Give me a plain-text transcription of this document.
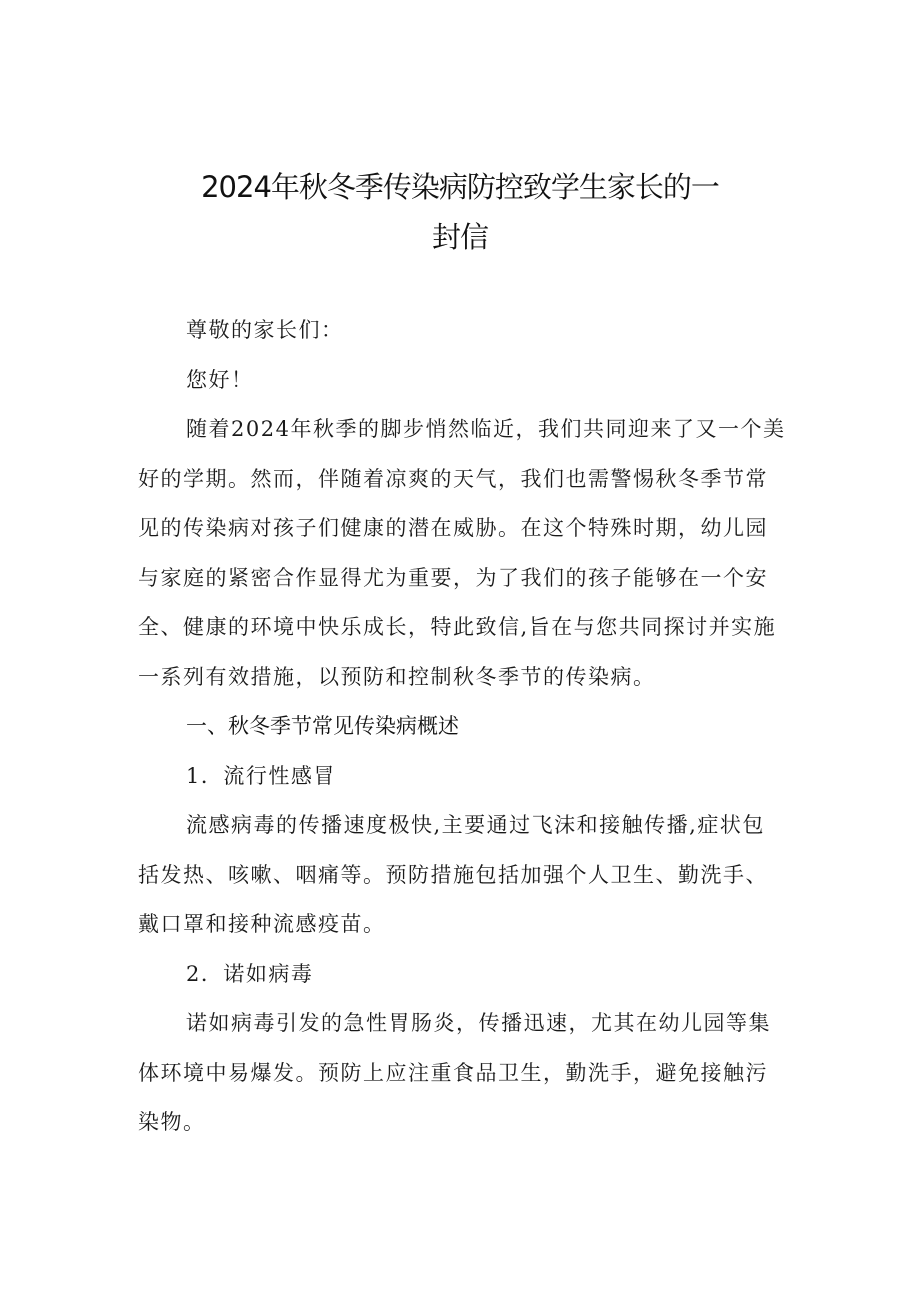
2024年秋冬季传染病防控致学生家长的一
封信

尊敬的家长们：

您好！

随着2024年秋季的脚步悄然临近，我们共同迎来了又一个美
好的学期。然而，伴随着凉爽的天气，我们也需警惕秋冬季节常
见的传染病对孩子们健康的潜在威胁。在这个特殊时期，幼儿园
与家庭的紧密合作显得尤为重要，为了我们的孩子能够在一个安
全、健康的环境中快乐成长，特此致信,旨在与您共同探讨并实施
一系列有效措施，以预防和控制秋冬季节的传染病。

一、秋冬季节常见传染病概述

1．流行性感冒

流感病毒的传播速度极快,主要通过飞沫和接触传播,症状包
括发热、咳嗽、咽痛等。预防措施包括加强个人卫生、勤洗手、
戴口罩和接种流感疫苗。

2．诺如病毒

诺如病毒引发的急性胃肠炎，传播迅速，尤其在幼儿园等集
体环境中易爆发。预防上应注重食品卫生，勤洗手，避免接触污
染物。
